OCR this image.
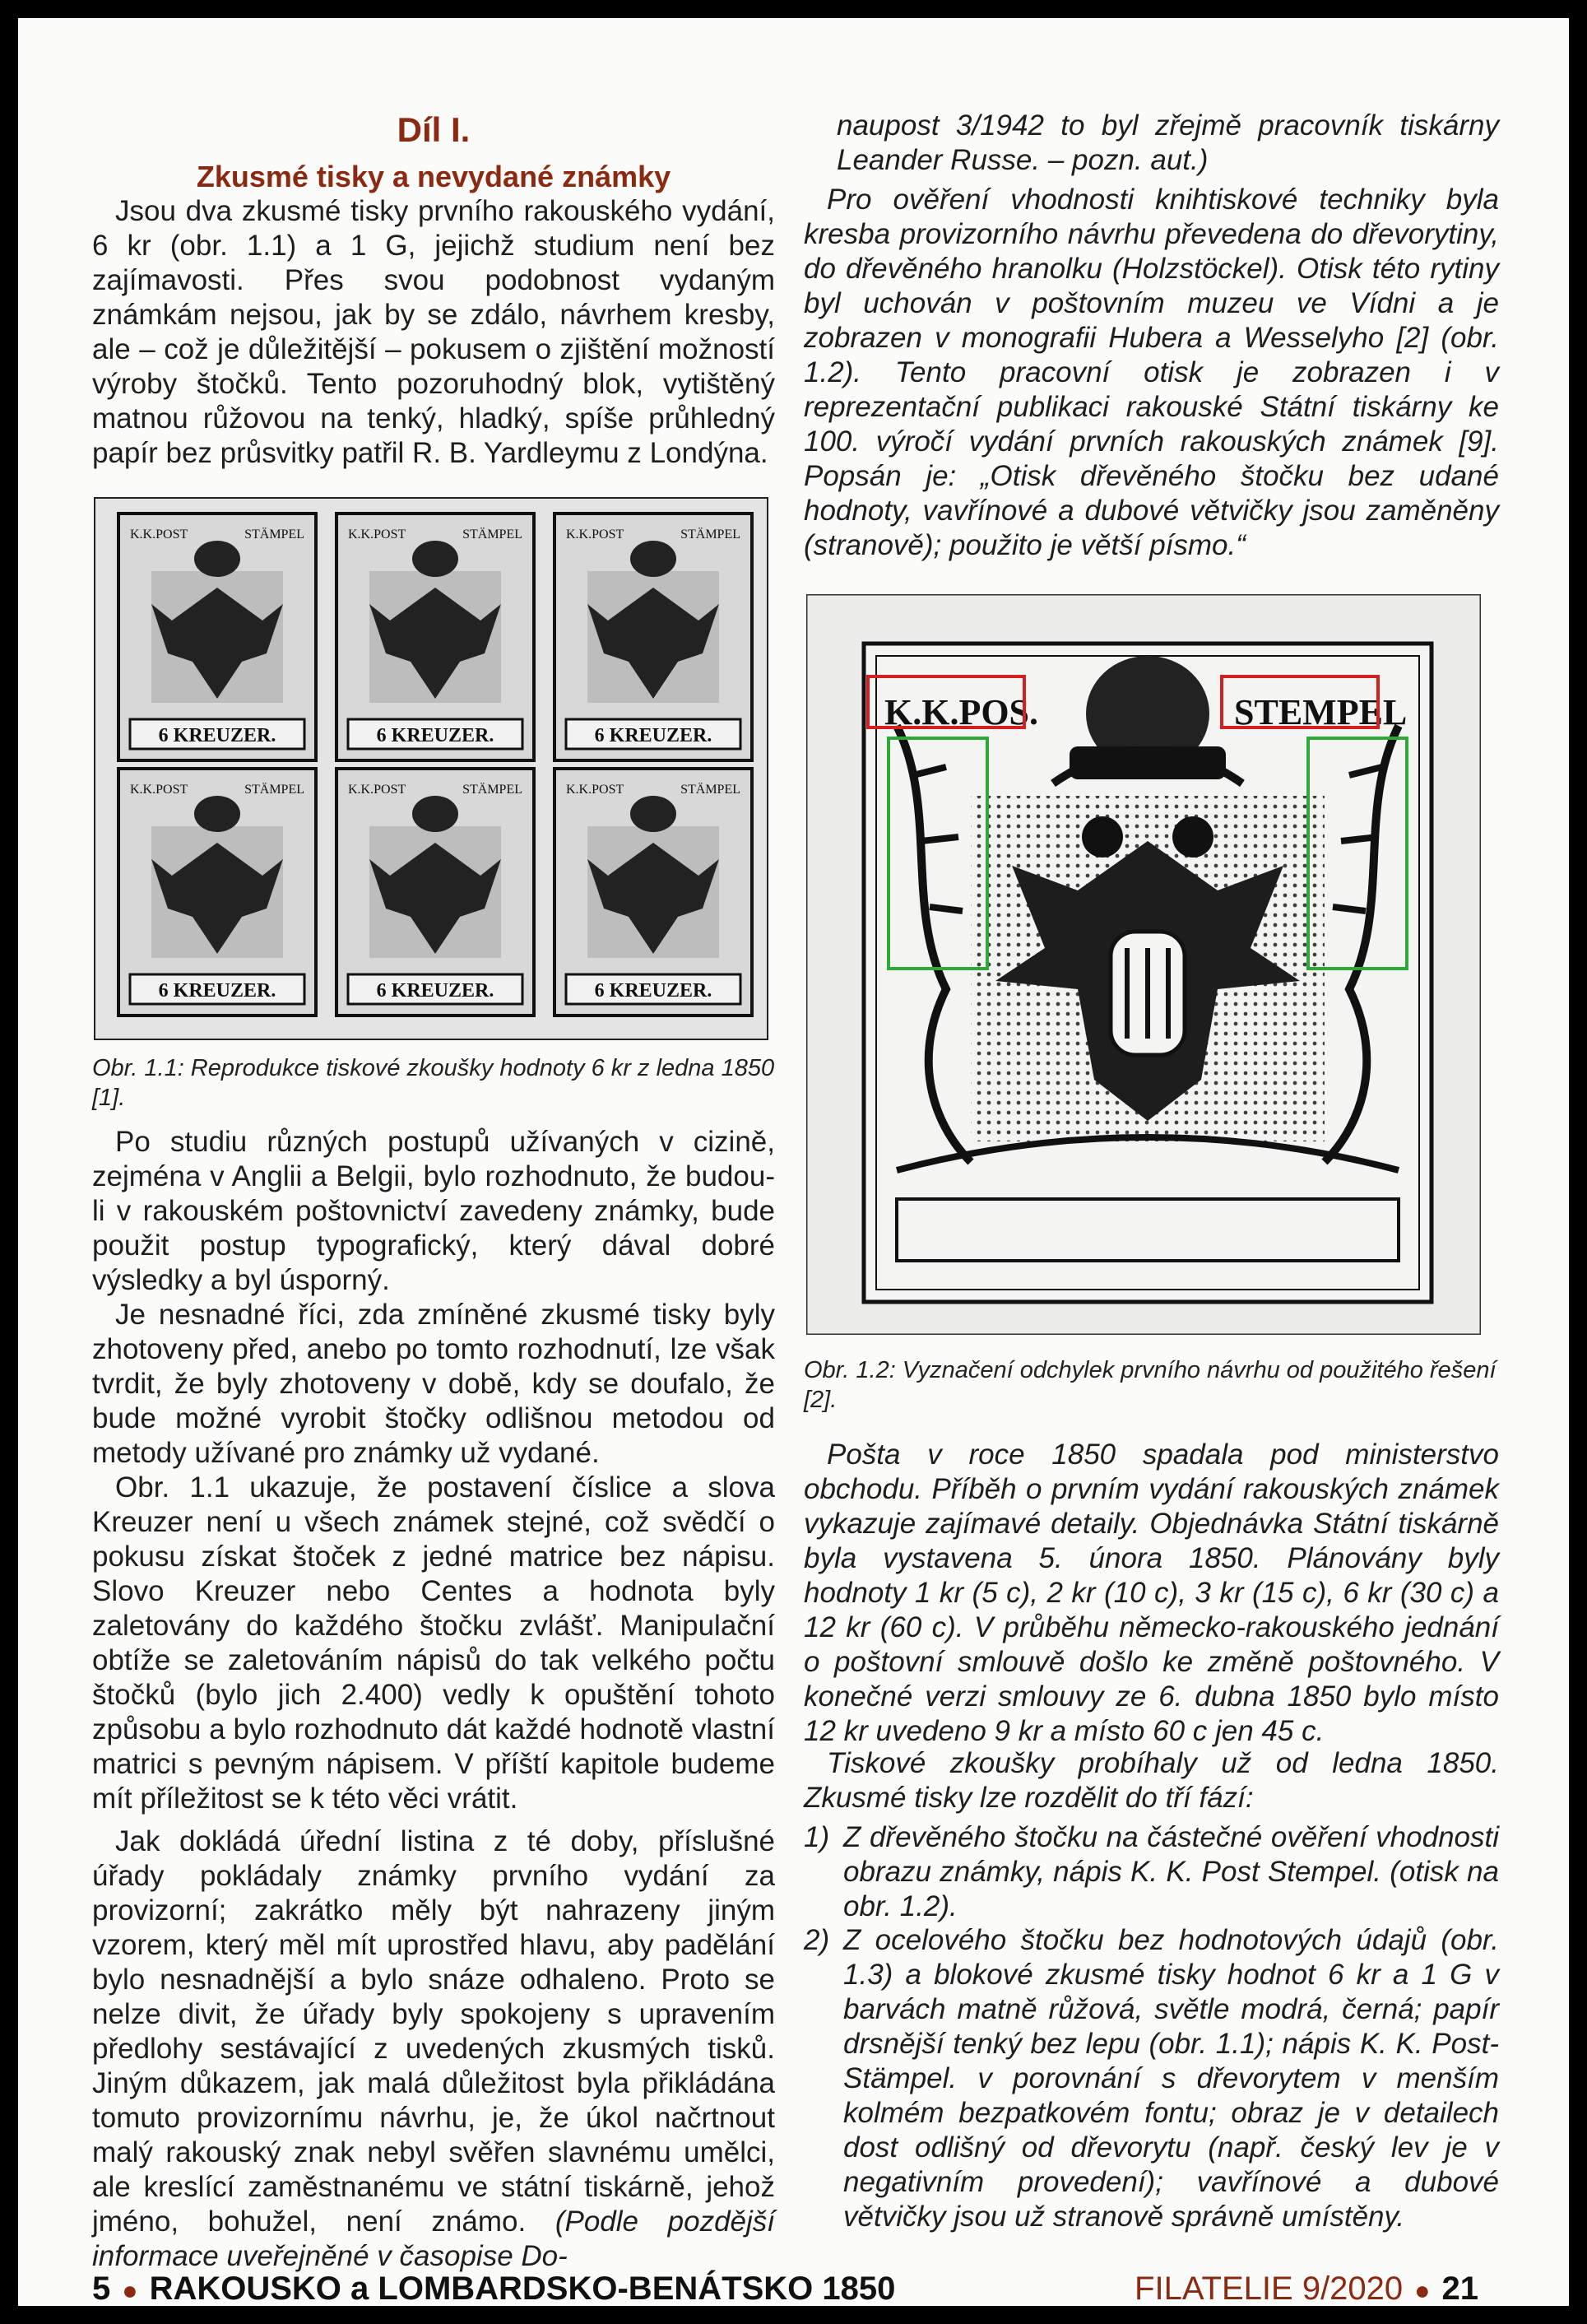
Díl I.
Zkusmé tisky a nevydané známky

Jsou dva zkusmé tisky prvního rakouského vydání, 6 kr (obr. 1.1) a 1 G, jejichž studium není bez zajímavosti. Přes svou podobnost vydaným známkám nejsou, jak by se zdálo, návrhem kresby, ale – což je důležitější – pokusem o zjištění možností výroby štočků. Tento pozoruhodný blok, vytištěný matnou růžovou na tenký, hladký, spíše průhledný papír bez průsvitky patřil R. B. Yardleymu z Londýna.

K.K.POST	STÄMPEL
6 KREUZER.
K.K.POST	STÄMPEL
6 KREUZER.
K.K.POST	STÄMPEL
6 KREUZER.
K.K.POST	STÄMPEL
6 KREUZER.
K.K.POST	STÄMPEL
6 KREUZER.
K.K.POST	STÄMPEL
6 KREUZER.

Obr. 1.1: Reprodukce tiskové zkoušky hodnoty 6 kr z ledna 1850 [1].

Po studiu různých postupů užívaných v cizině, zejména v Anglii a Belgii, bylo rozhodnuto, že budou-li v rakouském poštovnictví zavedeny známky, bude použit postup typografický, který dával dobré výsledky a byl úsporný.

Je nesnadné říci, zda zmíněné zkusmé tisky byly zhotoveny před, anebo po tomto rozhodnutí, lze však tvrdit, že byly zhotoveny v době, kdy se doufalo, že bude možné vyrobit štočky odlišnou metodou od metody užívané pro známky už vydané.

Obr. 1.1 ukazuje, že postavení číslice a slova Kreuzer není u všech známek stejné, což svědčí o pokusu získat štoček z jedné matrice bez nápisu. Slovo Kreuzer nebo Centes a hodnota byly zaletovány do každého štočku zvlášť. Manipulační obtíže se zaletováním nápisů do tak velkého počtu štočků (bylo jich 2.400) vedly k opuštění tohoto způsobu a bylo rozhodnuto dát každé hodnotě vlastní matrici s pevným nápisem. V příští kapitole budeme mít příležitost se k této věci vrátit.

Jak dokládá úřední listina z té doby, příslušné úřady pokládaly známky prvního vydání za provizorní; zakrátko měly být nahrazeny jiným vzorem, který měl mít uprostřed hlavu, aby padělání bylo nesnadnější a bylo snáze odhaleno. Proto se nelze divit, že úřady byly spokojeny s upravením předlohy sestávající z uvedených zkusmých tisků. Jiným důkazem, jak malá důležitost byla přikládána tomuto provizornímu návrhu, je, že úkol načrtnout malý rakouský znak nebyl svěřen slavnému umělci, ale kreslící zaměstnanému ve státní tiskárně, jehož jméno, bohužel, není známo. (Podle pozdější informace uveřejněné v časopise Do-

naupost 3/1942 to byl zřejmě pracovník tiskárny Leander Russe. – pozn. aut.)

Pro ověření vhodnosti knihtiskové techniky byla kresba provizorního návrhu převedena do dřevorytiny, do dřevěného hranolku (Holzstöckel). Otisk této rytiny byl uchován v poštovním muzeu ve Vídni a je zobrazen v monografii Hubera a Wesselyho [2] (obr. 1.2). Tento pracovní otisk je zobrazen i v reprezentační publikaci rakouské Státní tiskárny ke 100. výročí vydání prvních rakouských známek [9]. Popsán je: „Otisk dřevěného štočku bez udané hodnoty, vavřínové a dubové větvičky jsou zaměněny (stranově); použito je větší písmo.“

K.K.POS.	STEMPEL

Obr. 1.2: Vyznačení odchylek prvního návrhu od použitého řešení [2].

Pošta v roce 1850 spadala pod ministerstvo obchodu. Příběh o prvním vydání rakouských známek vykazuje zajímavé detaily. Objednávka Státní tiskárně byla vystavena 5. února 1850. Plánovány byly hodnoty 1 kr (5 c), 2 kr (10 c), 3 kr (15 c), 6 kr (30 c) a 12 kr (60 c). V průběhu německo-rakouského jednání o poštovní smlouvě došlo ke změně poštovného. V konečné verzi smlouvy ze 6. dubna 1850 bylo místo 12 kr uvedeno 9 kr a místo 60 c jen 45 c.

Tiskové zkoušky probíhaly už od ledna 1850. Zkusmé tisky lze rozdělit do tří fází:

1) Z dřevěného štočku na částečné ověření vhodnosti obrazu známky, nápis K. K. Post Stempel. (otisk na obr. 1.2).
2) Z ocelového štočku bez hodnotových údajů (obr. 1.3) a blokové zkusmé tisky hodnot 6 kr a 1 G v barvách matně růžová, světle modrá, černá; papír drsnější tenký bez lepu (obr. 1.1); nápis K. K. Post-Stämpel. v porovnání s dřevorytem v menším kolmém bezpatkovém fontu; obraz je v detailech dost odlišný od dřevorytu (např. český lev je v negativním provedení); vavřínové a dubové větvičky jsou už stranově správně umístěny.
5 ● RAKOUSKO a LOMBARDSKO-BENÁTSKO 1850	FILATELIE 9/2020 ● 21
